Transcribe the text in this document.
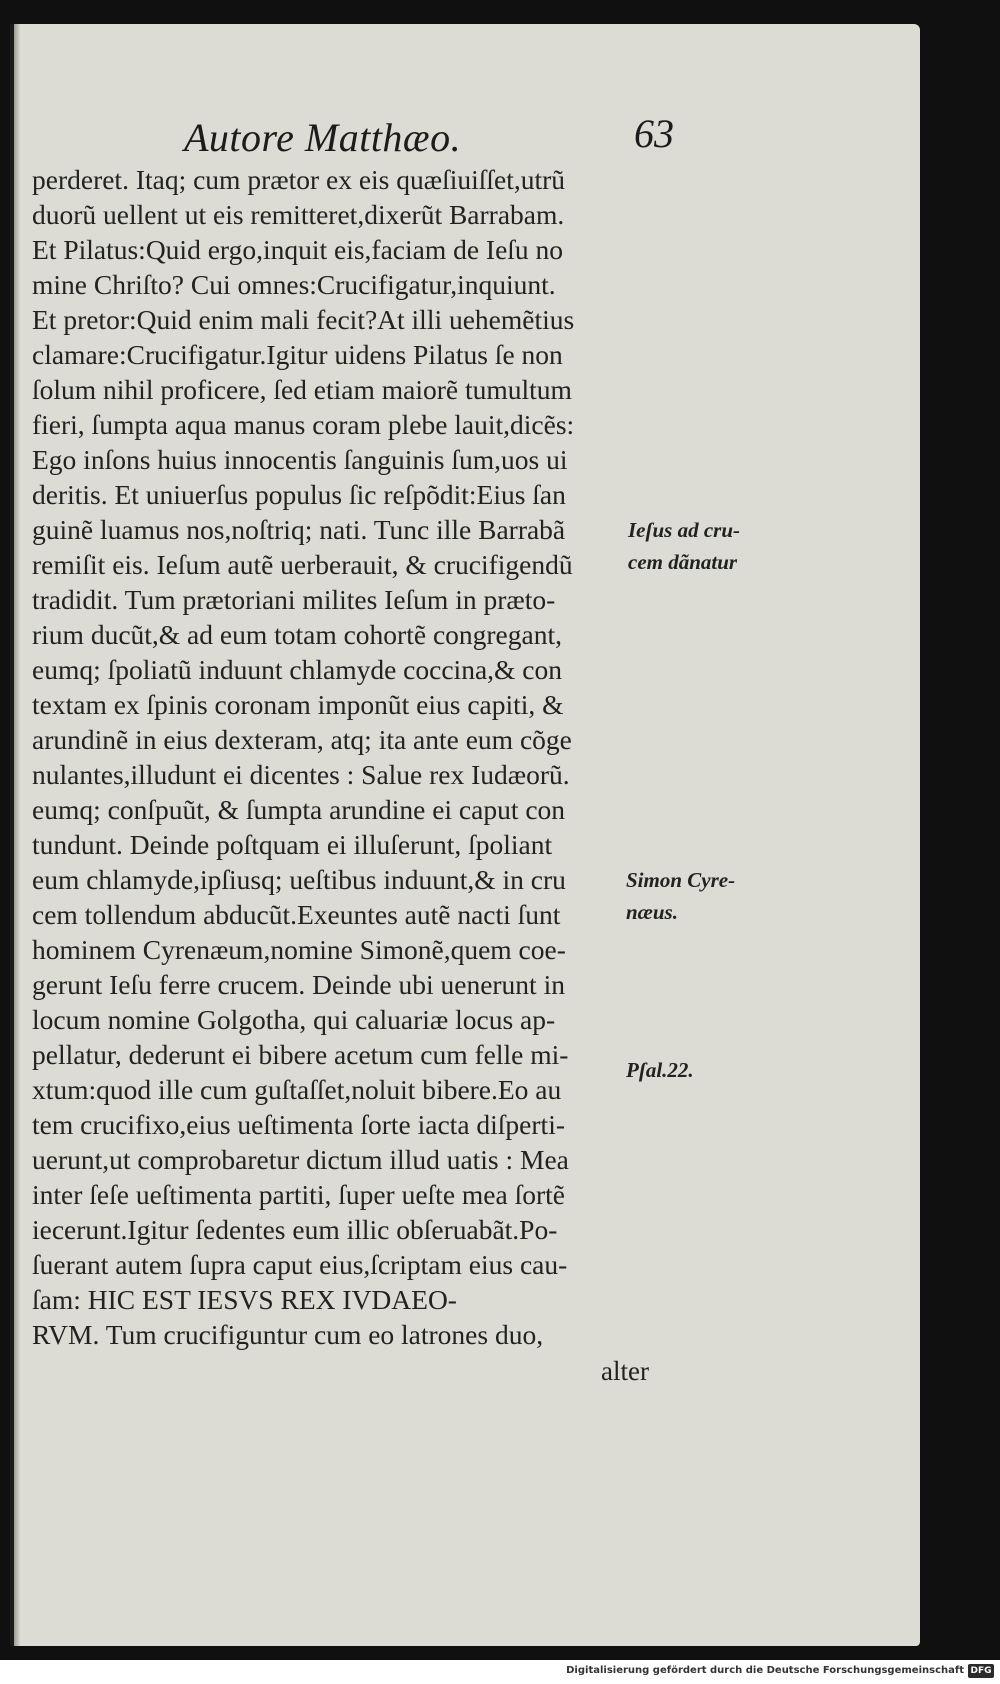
Autore Matthæo.	63
perderet. Itaq; cum prætor ex eis quæſiuiſſet,utrũ
duorũ uellent ut eis remitteret,dixerũt Barrabam.
Et Pilatus:Quid ergo,inquit eis,faciam de Ieſu no
mine Chriſto? Cui omnes:Crucifigatur,inquiunt.
Et pretor:Quid enim mali fecit?At illi uehemẽtius
clamare:Crucifigatur.Igitur uidens Pilatus ſe non
ſolum nihil proficere, ſed etiam maiorẽ tumultum
fieri, ſumpta aqua manus coram plebe lauit,dicẽs:
Ego inſons huius innocentis ſanguinis ſum,uos ui
deritis. Et uniuerſus populus ſic reſpõdit:Eius ſan
guinẽ luamus nos,noſtriq; nati. Tunc ille Barrabã
remiſit eis. Ieſum autẽ uerberauit, & crucifigendũ
tradidit. Tum prætoriani milites Ieſum in præto-
rium ducũt,& ad eum totam cohortẽ congregant,
eumq; ſpoliatũ induunt chlamyde coccina,& con
textam ex ſpinis coronam imponũt eius capiti, &
arundinẽ in eius dexteram, atq; ita ante eum cõge
nulantes,illudunt ei dicentes : Salue rex Iudæorũ.
eumq; conſpuũt, & ſumpta arundine ei caput con
tundunt. Deinde poſtquam ei illuſerunt, ſpoliant
eum chlamyde,ipſiusq; ueſtibus induunt,& in cru
cem tollendum abducũt.Exeuntes autẽ nacti ſunt
hominem Cyrenæum,nomine Simonẽ,quem coe-
gerunt Ieſu ferre crucem. Deinde ubi uenerunt in
locum nomine Golgotha, qui caluariæ locus ap-
pellatur, dederunt ei bibere acetum cum felle mi-
xtum:quod ille cum guſtaſſet,noluit bibere.Eo au
tem crucifixo,eius ueſtimenta ſorte iacta diſperti-
uerunt,ut comprobaretur dictum illud uatis : Mea
inter ſeſe ueſtimenta partiti, ſuper ueſte mea ſortẽ
iecerunt.Igitur ſedentes eum illic obſeruabãt.Po-
ſuerant autem ſupra caput eius,ſcriptam eius cau-
ſam: HIC EST IESVS REX IVDAEO-
RVM. Tum crucifiguntur cum eo latrones duo,
alter
Ieſus ad cru-
cem dãnatur
Simon Cyre-
næus.
Pſal.22.
Digitalisierung gefördert durch die Deutsche Forschungsgemeinschaft DFG
